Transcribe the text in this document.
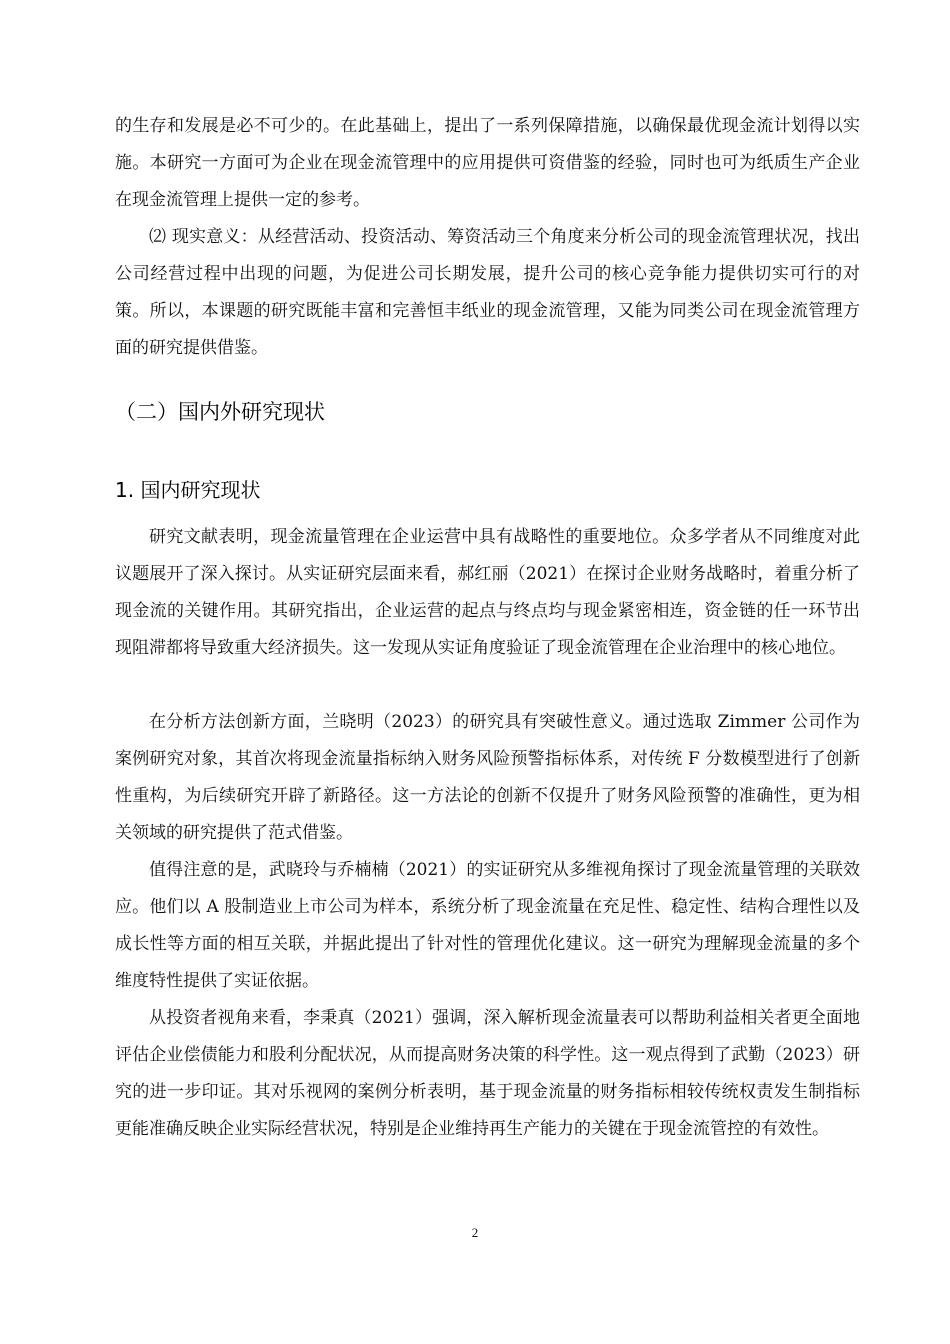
的生存和发展是必不可少的。在此基础上，提出了一系列保障措施，以确保最优现金流计划得以实施。本研究一方面可为企业在现金流管理中的应用提供可资借鉴的经验，同时也可为纸质生产企业在现金流管理上提供一定的参考。

⑵ 现实意义：从经营活动、投资活动、筹资活动三个角度来分析公司的现金流管理状况，找出公司经营过程中出现的问题，为促进公司长期发展，提升公司的核心竞争能力提供切实可行的对策。所以，本课题的研究既能丰富和完善恒丰纸业的现金流管理，又能为同类公司在现金流管理方面的研究提供借鉴。

（二）国内外研究现状
1. 国内研究现状

研究文献表明，现金流量管理在企业运营中具有战略性的重要地位。众多学者从不同维度对此议题展开了深入探讨。从实证研究层面来看，郝红丽（2021）在探讨企业财务战略时，着重分析了现金流的关键作用。其研究指出，企业运营的起点与终点均与现金紧密相连，资金链的任一环节出现阻滞都将导致重大经济损失。这一发现从实证角度验证了现金流管理在企业治理中的核心地位。

在分析方法创新方面，兰晓明（2023）的研究具有突破性意义。通过选取 Zimmer 公司作为案例研究对象，其首次将现金流量指标纳入财务风险预警指标体系，对传统 F 分数模型进行了创新性重构，为后续研究开辟了新路径。这一方法论的创新不仅提升了财务风险预警的准确性，更为相关领域的研究提供了范式借鉴。

值得注意的是，武晓玲与乔楠楠（2021）的实证研究从多维视角探讨了现金流量管理的关联效应。他们以 A 股制造业上市公司为样本，系统分析了现金流量在充足性、稳定性、结构合理性以及成长性等方面的相互关联，并据此提出了针对性的管理优化建议。这一研究为理解现金流量的多个维度特性提供了实证依据。

从投资者视角来看，李秉真（2021）强调，深入解析现金流量表可以帮助利益相关者更全面地评估企业偿债能力和股利分配状况，从而提高财务决策的科学性。这一观点得到了武勤（2023）研究的进一步印证。其对乐视网的案例分析表明，基于现金流量的财务指标相较传统权责发生制指标更能准确反映企业实际经营状况，特别是企业维持再生产能力的关键在于现金流管控的有效性。

2
